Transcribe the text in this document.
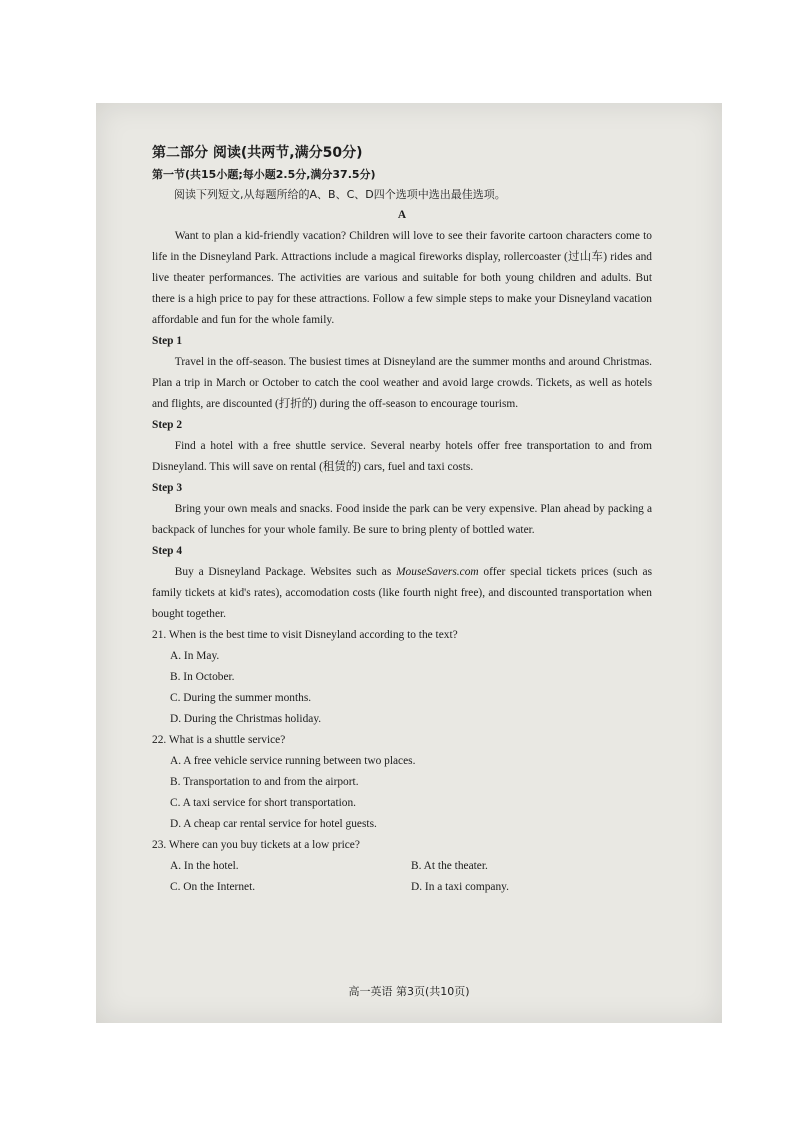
第二部分 阅读(共两节,满分50分)

第一节(共15小题;每小题2.5分,满分37.5分)

阅读下列短文,从每题所给的A、B、C、D四个选项中选出最佳选项。

A

Want to plan a kid-friendly vacation? Children will love to see their favorite cartoon characters come to life in the Disneyland Park. Attractions include a magical fireworks display, rollercoaster (过山车) rides and live theater performances. The activities are various and suitable for both young children and adults. But there is a high price to pay for these attractions. Follow a few simple steps to make your Disneyland vacation affordable and fun for the whole family.

Step 1

Travel in the off-season. The busiest times at Disneyland are the summer months and around Christmas. Plan a trip in March or October to catch the cool weather and avoid large crowds. Tickets, as well as hotels and flights, are discounted (打折的) during the off-season to encourage tourism.

Step 2

Find a hotel with a free shuttle service. Several nearby hotels offer free transportation to and from Disneyland. This will save on rental (租赁的) cars, fuel and taxi costs.

Step 3

Bring your own meals and snacks. Food inside the park can be very expensive. Plan ahead by packing a backpack of lunches for your whole family. Be sure to bring plenty of bottled water.

Step 4

Buy a Disneyland Package. Websites such as MouseSavers.com offer special tickets prices (such as family tickets at kid's rates), accomodation costs (like fourth night free), and discounted transportation when bought together.

21. When is the best time to visit Disneyland according to the text?

A. In May.

B. In October.

C. During the summer months.

D. During the Christmas holiday.

22. What is a shuttle service?

A. A free vehicle service running between two places.

B. Transportation to and from the airport.

C. A taxi service for short transportation.

D. A cheap car rental service for hotel guests.

23. Where can you buy tickets at a low price?

A. In the hotel.	B. At the theater.
C. On the Internet.	D. In a taxi company.
高一英语 第3页(共10页)
